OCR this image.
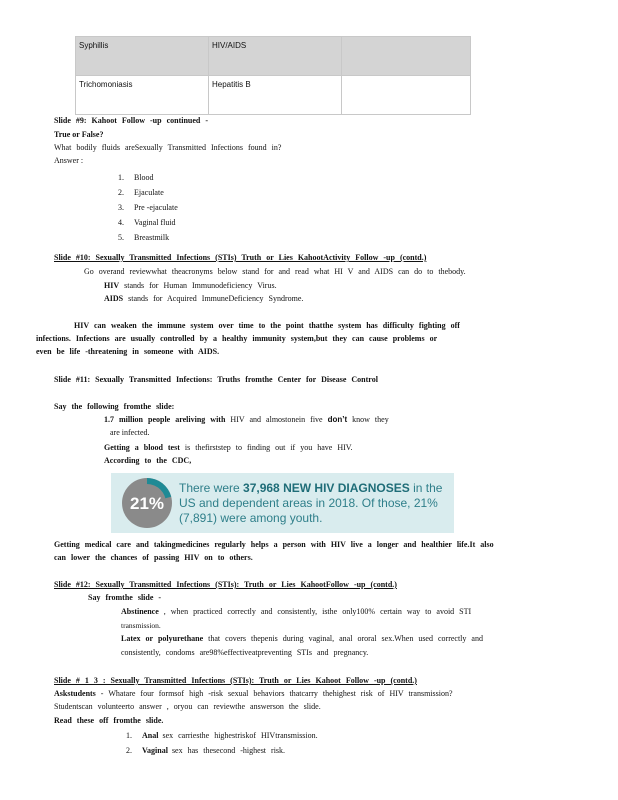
Syphillis	HIV/AIDS	
Trichomoniasis	Hepatitis B	
Slide #9: Kahoot Follow -up continued -
True or False?
What bodily fluids areSexually Transmitted Infections found in?
Answer :
1.	Blood
2.	Ejaculate
3.	Pre -ejaculate
4.	Vaginal fluid
5.	Breastmilk
Slide #10: Sexually Transmitted Infections (STIs) Truth or Lies KahootActivity Follow -up (contd.)
Go overand reviewwhat theacronyms below stand for and read what HI V and AIDS can do to thebody.
HIV stands for Human Immunodeficiency Virus.
AIDS stands for Acquired ImmuneDeficiency Syndrome.
HIV can weaken the immune system over time to the point thatthe system has difficulty fighting off
infections. Infections are usually controlled by a healthy immunity system,but they can cause problems or
even be life -threatening in someone with AIDS.
Slide #11: Sexually Transmitted Infections: Truths fromthe Center for Disease Control
Say the following fromthe slide:
1.7 million people areliving with HIV and almostonein five don’t know they
are infected.
Getting a blood test is thefirststep to finding out if you have HIV.
According to the CDC,
21%
There were 37,968 NEW HIV DIAGNOSES in the US and dependent areas in 2018. Of those, 21% (7,891) were among youth.
Getting medical care and takingmedicines regularly helps a person with HIV live a longer and healthier life.It also
can lower the chances of passing HIV on to others.
Slide #12: Sexually Transmitted Infections (STIs): Truth or Lies KahootFollow -up (contd.)
Say fromthe slide -
Abstinence , when practiced correctly and consistently, isthe only100% certain way to avoid STI
transmission.
Latex or polyurethane that covers thepenis during vaginal, anal ororal sex.When used correctly and
consistently, condoms are98%effectiveatpreventing STIs and pregnancy.
Slide # 1 3 : Sexually Transmitted Infections (STIs): Truth or Lies Kahoot Follow -up (contd.)
Askstudents - Whatare four formsof high -risk sexual behaviors thatcarry thehighest risk of HIV transmission?
Studentscan volunteerto answer , oryou can reviewthe answerson the slide.
Read these off fromthe slide.
1.	Anal
sex carriesthe highestriskof HIVtransmission.
2.	Vaginal
sex has thesecond -highest risk.
